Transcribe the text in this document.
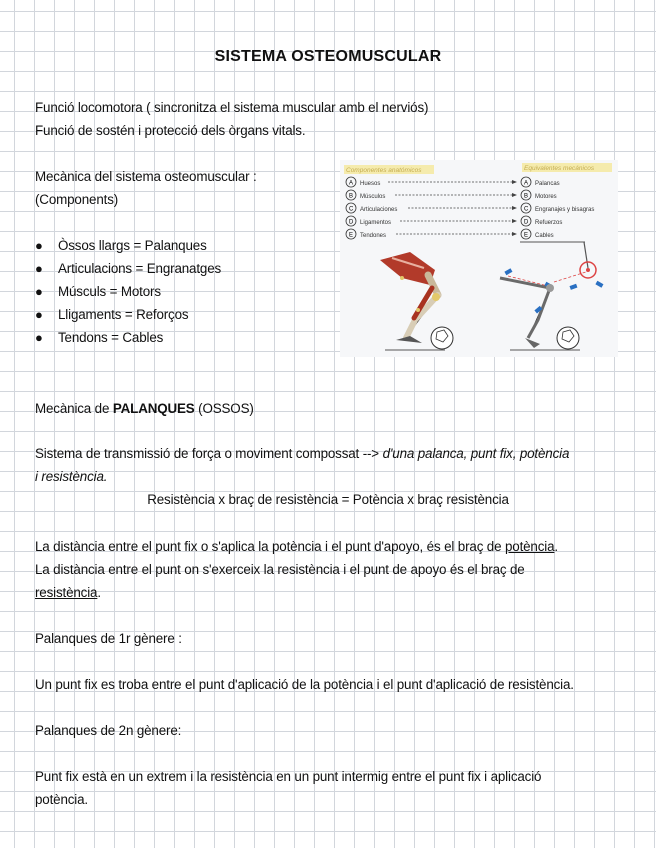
SISTEMA OSTEOMUSCULAR
Funció locomotora ( sincronitza el sistema muscular amb el nerviós)
Funció de sostén i protecció dels òrgans vitals.
Mecànica del sistema osteomuscular :
(Components)
● Òssos llargs = Palanques
● Articulacions = Engranatges
● Músculs = Motors
● Lligaments = Reforços
● Tendons = Cables
A Huesos
B Músculos
C Articulaciones
D Ligamentos
E Tendones
A Palancas
B Motores
C Engranajes y bisagras
D Refuerzos
E Cables
Mecànica de PALANQUES (OSSOS)
Sistema de transmissió de força o moviment compossat --> d'una palanca, punt fix, potència
i resistència.
Resistència x braç de resistència = Potència x braç resistència
La distància entre el punt fix o s'aplica la potència i el punt d'apoyo, és el braç de potència.
La distància entre el punt on s'exerceix la resistència i el punt de apoyo és el braç de
resistència.
Palanques de 1r gènere :
Un punt fix es troba entre el punt d'aplicació de la potència i el punt d'aplicació de resistència.
Palanques de 2n gènere:
Punt fix està en un extrem i la resistència en un punt intermig entre el punt fix i aplicació
potència.
